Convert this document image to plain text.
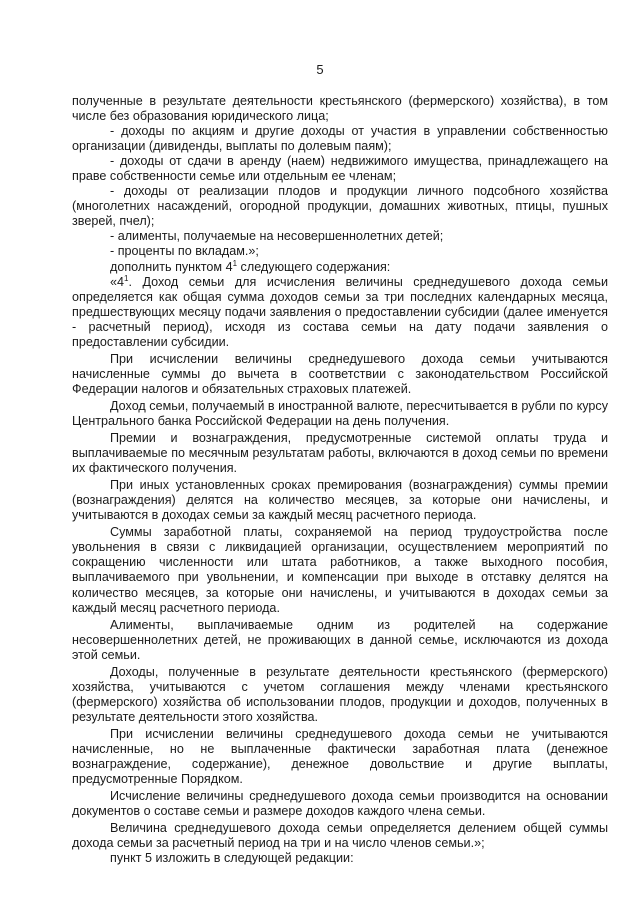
5

полученные в результате деятельности крестьянского (фермерского) хозяйства), в том числе без образования юридического лица;

- доходы по акциям и другие доходы от участия в управлении собственностью организации (дивиденды, выплаты по долевым паям);

- доходы от сдачи в аренду (наем) недвижимого имущества, принадлежащего на праве собственности семье или отдельным ее членам;

- доходы от реализации плодов и продукции личного подсобного хозяйства (многолетних насаждений, огородной продукции, домашних животных, птицы, пушных зверей, пчел);

- алименты, получаемые на несовершеннолетних детей;

- проценты по вкладам.»;

дополнить пунктом $4^1$ следующего содержания:

«$4^1$. Доход семьи для исчисления величины среднедушевого дохода семьи определяется как общая сумма доходов семьи за три последних календарных месяца, предшествующих месяцу подачи заявления о предоставлении субсидии (далее именуется - расчетный период), исходя из состава семьи на дату подачи заявления о предоставлении субсидии.

При исчислении величины среднедушевого дохода семьи учитываются начисленные суммы до вычета в соответствии с законодательством Российской Федерации налогов и обязательных страховых платежей.

Доход семьи, получаемый в иностранной валюте, пересчитывается в рубли по курсу Центрального банка Российской Федерации на день получения.

Премии и вознаграждения, предусмотренные системой оплаты труда и выплачиваемые по месячным результатам работы, включаются в доход семьи по времени их фактического получения.

При иных установленных сроках премирования (вознаграждения) суммы премии (вознаграждения) делятся на количество месяцев, за которые они начислены, и учитываются в доходах семьи за каждый месяц расчетного периода.

Суммы заработной платы, сохраняемой на период трудоустройства после увольнения в связи с ликвидацией организации, осуществлением мероприятий по сокращению численности или штата работников, а также выходного пособия, выплачиваемого при увольнении, и компенсации при выходе в отставку делятся на количество месяцев, за которые они начислены, и учитываются в доходах семьи за каждый месяц расчетного периода.

Алименты, выплачиваемые одним из родителей на содержание несовершеннолетних детей, не проживающих в данной семье, исключаются из дохода этой семьи.

Доходы, полученные в результате деятельности крестьянского (фермерского) хозяйства, учитываются с учетом соглашения между членами крестьянского (фермерского) хозяйства об использовании плодов, продукции и доходов, полученных в результате деятельности этого хозяйства.

При исчислении величины среднедушевого дохода семьи не учитываются начисленные, но не выплаченные фактически заработная плата (денежное вознаграждение, содержание), денежное довольствие и другие выплаты, предусмотренные Порядком.

Исчисление величины среднедушевого дохода семьи производится на основании документов о составе семьи и размере доходов каждого члена семьи.

Величина среднедушевого дохода семьи определяется делением общей суммы дохода семьи за расчетный период на три и на число членов семьи.»;

пункт 5 изложить в следующей редакции:
